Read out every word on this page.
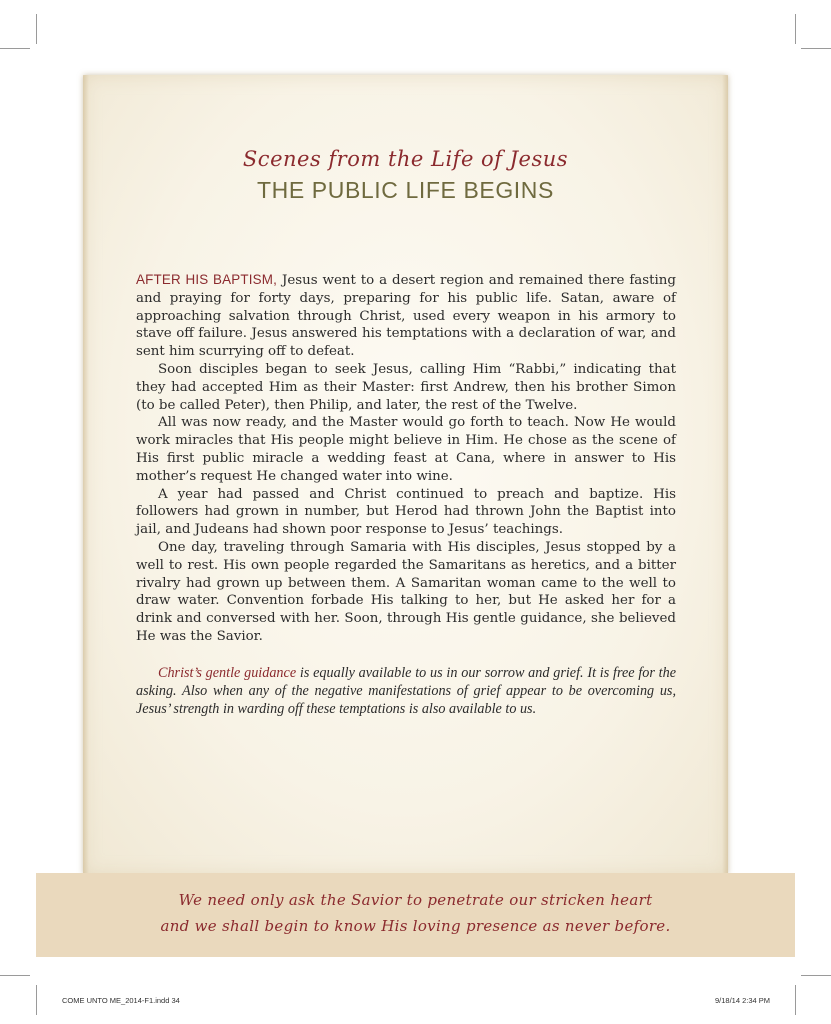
Scenes from the Life of Jesus
THE PUBLIC LIFE BEGINS

AFTER HIS BAPTISM, Jesus went to a desert region and remained there fasting and praying for forty days, preparing for his public life. Satan, aware of approaching salvation through Christ, used every weapon in his armory to stave off failure. Jesus answered his temptations with a declaration of war, and sent him scurrying off to defeat.

Soon disciples began to seek Jesus, calling Him “Rabbi,” indicating that they had accepted Him as their Master: first Andrew, then his brother Simon (to be called Peter), then Philip, and later, the rest of the Twelve.

All was now ready, and the Master would go forth to teach. Now He would work miracles that His people might believe in Him. He chose as the scene of His first public miracle a wedding feast at Cana, where in answer to His mother’s request He changed water into wine.

A year had passed and Christ continued to preach and baptize. His followers had grown in number, but Herod had thrown John the Baptist into jail, and Judeans had shown poor response to Jesus’ teachings.

One day, traveling through Samaria with His disciples, Jesus stopped by a well to rest. His own people regarded the Samaritans as heretics, and a bitter rivalry had grown up between them. A Samaritan woman came to the well to draw water. Convention forbade His talking to her, but He asked her for a drink and conversed with her. Soon, through His gentle guidance, she believed He was the Savior.

Christ’s gentle guidance is equally available to us in our sorrow and grief. It is free for the asking. Also when any of the negative manifestations of grief appear to be overcoming us, Jesus’ strength in warding off these temptations is also available to us.

We need only ask the Savior to penetrate our stricken heart
and we shall begin to know His loving presence as never before.
COME UNTO ME_2014-F1.indd 34	9/18/14 2:34 PM
